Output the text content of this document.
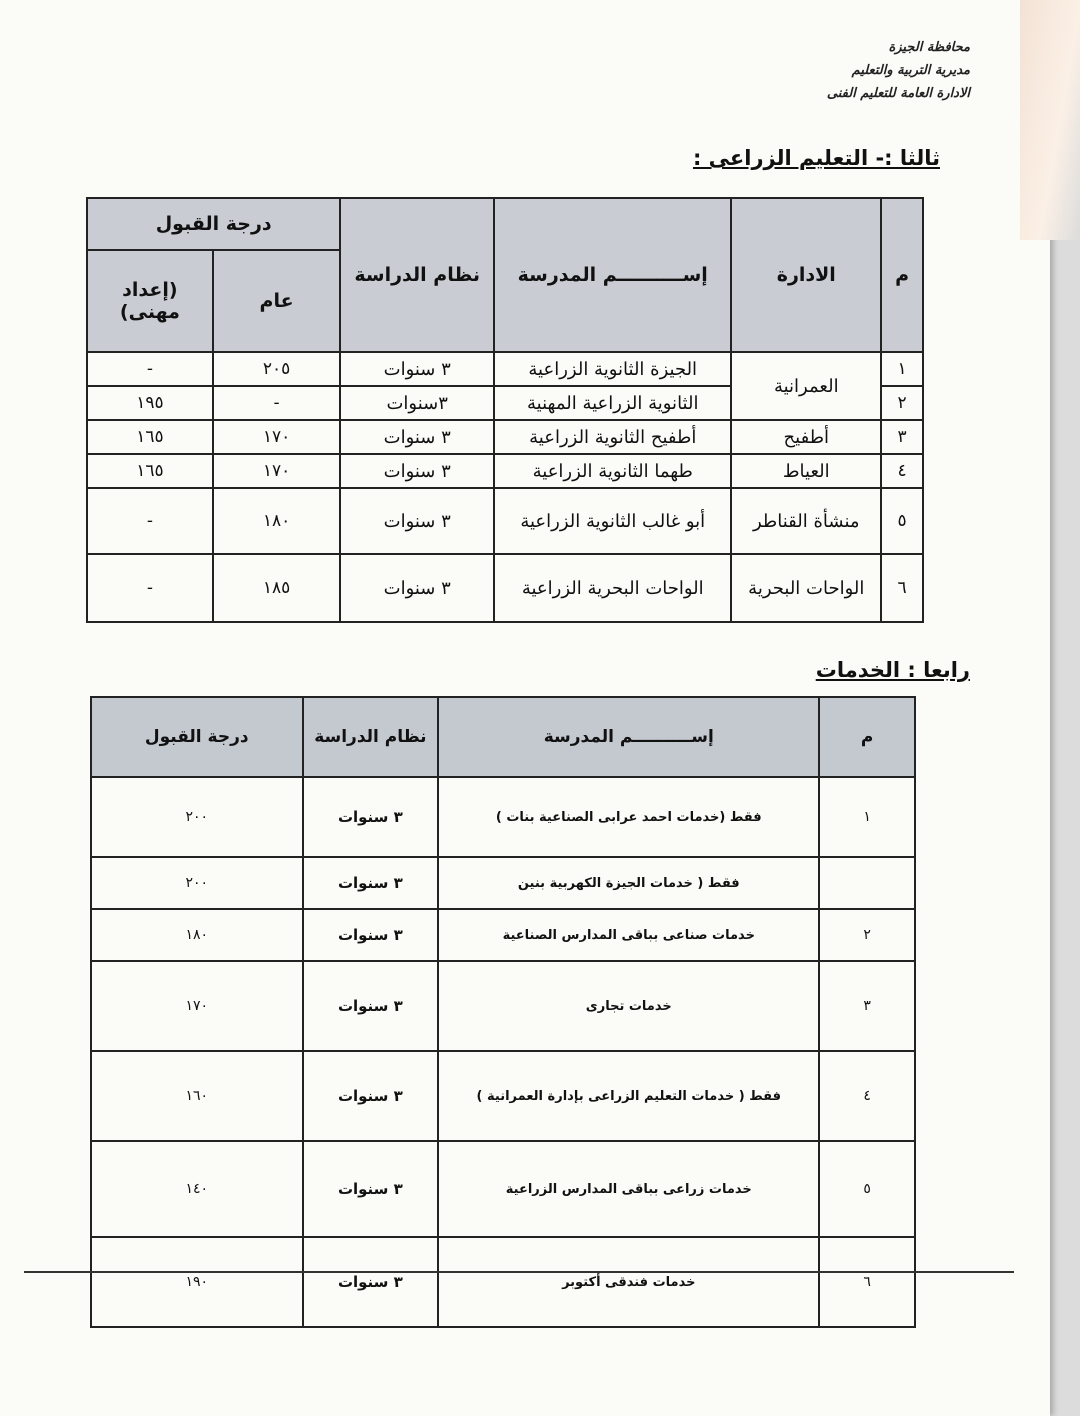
محافظة الجيزة
مديرية التربية والتعليم
الادارة العامة للتعليم الفنى
ثالثا :- التعليم الزراعى :
م	الادارة	إســــــــــم المدرسة	نظام الدراسة	درجة القبول	
				عام	(إعداد مهنى)
١	العمرانية	الجيزة الثانوية الزراعية	٣ سنوات	٢٠٥	-
٢		الثانوية الزراعية المهنية	٣سنوات	-	١٩٥
٣	أطفيح	أطفيح الثانوية الزراعية	٣ سنوات	١٧٠	١٦٥
٤	العياط	طهما الثانوية الزراعية	٣ سنوات	١٧٠	١٦٥
٥	منشأة القناطر	أبو غالب الثانوية الزراعية	٣ سنوات	١٨٠	-
٦	الواحات البحرية	الواحات البحرية الزراعية	٣ سنوات	١٨٥	-
رابعا : الخدمات
م	إســــــــــم المدرسة	نظام الدراسة	درجة القبول
١	فقط (خدمات احمد عرابى الصناعية بنات )	٣ سنوات	٢٠٠
	فقط ( خدمات الجيزة الكهربية بنين	٣ سنوات	٢٠٠
٢	خدمات صناعى بباقى المدارس الصناعية	٣ سنوات	١٨٠
٣	خدمات تجارى	٣ سنوات	١٧٠
٤	فقط ( خدمات التعليم الزراعى بإدارة العمرانية )	٣ سنوات	١٦٠
٥	خدمات زراعى بباقى المدارس الزراعية	٣ سنوات	١٤٠
٦	خدمات فندقى أكتوبر	٣ سنوات	١٩٠
